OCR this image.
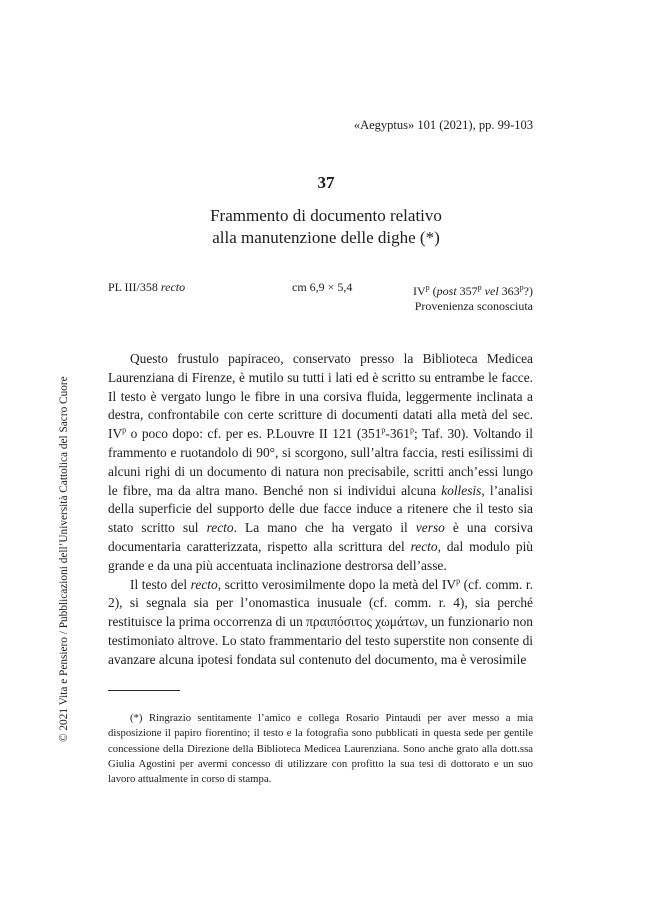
«Aegyptus» 101 (2021), pp. 99-103
37
Frammento di documento relativo
alla manutenzione delle dighe (*)
PL III/358 recto	cm 6,9 × 5,4	$IV^p$ (post 357$^p$ vel 363$^p$?)
Provenienza sconosciuta

Questo frustulo papiraceo, conservato presso la Biblioteca Medicea Laurenziana di Firenze, è mutilo su tutti i lati ed è scritto su entrambe le facce. Il testo è vergato lungo le fibre in una corsiva fluida, leggermente inclinata a destra, confrontabile con certe scritture di documenti datati alla metà del sec. $IV^p$ o poco dopo: cf. per es. P.Louvre II 121 (351$^p$-361$^p$; Taf. 30). Voltando il frammento e ruotandolo di 90°, si scorgono, sull’altra faccia, resti esilissimi di alcuni righi di un documento di natura non precisabile, scritti anch’essi lungo le fibre, ma da altra mano. Benché non si individui alcuna kollesis, l’analisi della superficie del supporto delle due facce induce a ritenere che il testo sia stato scritto sul recto. La mano che ha vergato il verso è una corsiva documentaria caratterizzata, rispetto alla scrittura del recto, dal modulo più grande e da una più accentuata inclinazione destrorsa dell’asse.

Il testo del recto, scritto verosimilmente dopo la metà del $IV^p$ (cf. comm. r. 2), si segnala sia per l’onomastica inusuale (cf. comm. r. 4), sia perché restituisce la prima occorrenza di un πραιπόσιτος χωμάτων, un funzionario non testimoniato altrove. Lo stato frammentario del testo superstite non consente di avanzare alcuna ipotesi fondata sul contenuto del documento, ma è verosimile

(*) Ringrazio sentitamente l’amico e collega Rosario Pintaudi per aver messo a mia disposizione il papiro fiorentino; il testo e la fotografia sono pubblicati in questa sede per gentile concessione della Direzione della Biblioteca Medicea Laurenziana. Sono anche grato alla dott.ssa Giulia Agostini per avermi concesso di utilizzare con profitto la sua tesi di dottorato e un suo lavoro attualmente in corso di stampa.

© 2021 Vita e Pensiero / Pubblicazioni dell’Università Cattolica del Sacro Cuore
